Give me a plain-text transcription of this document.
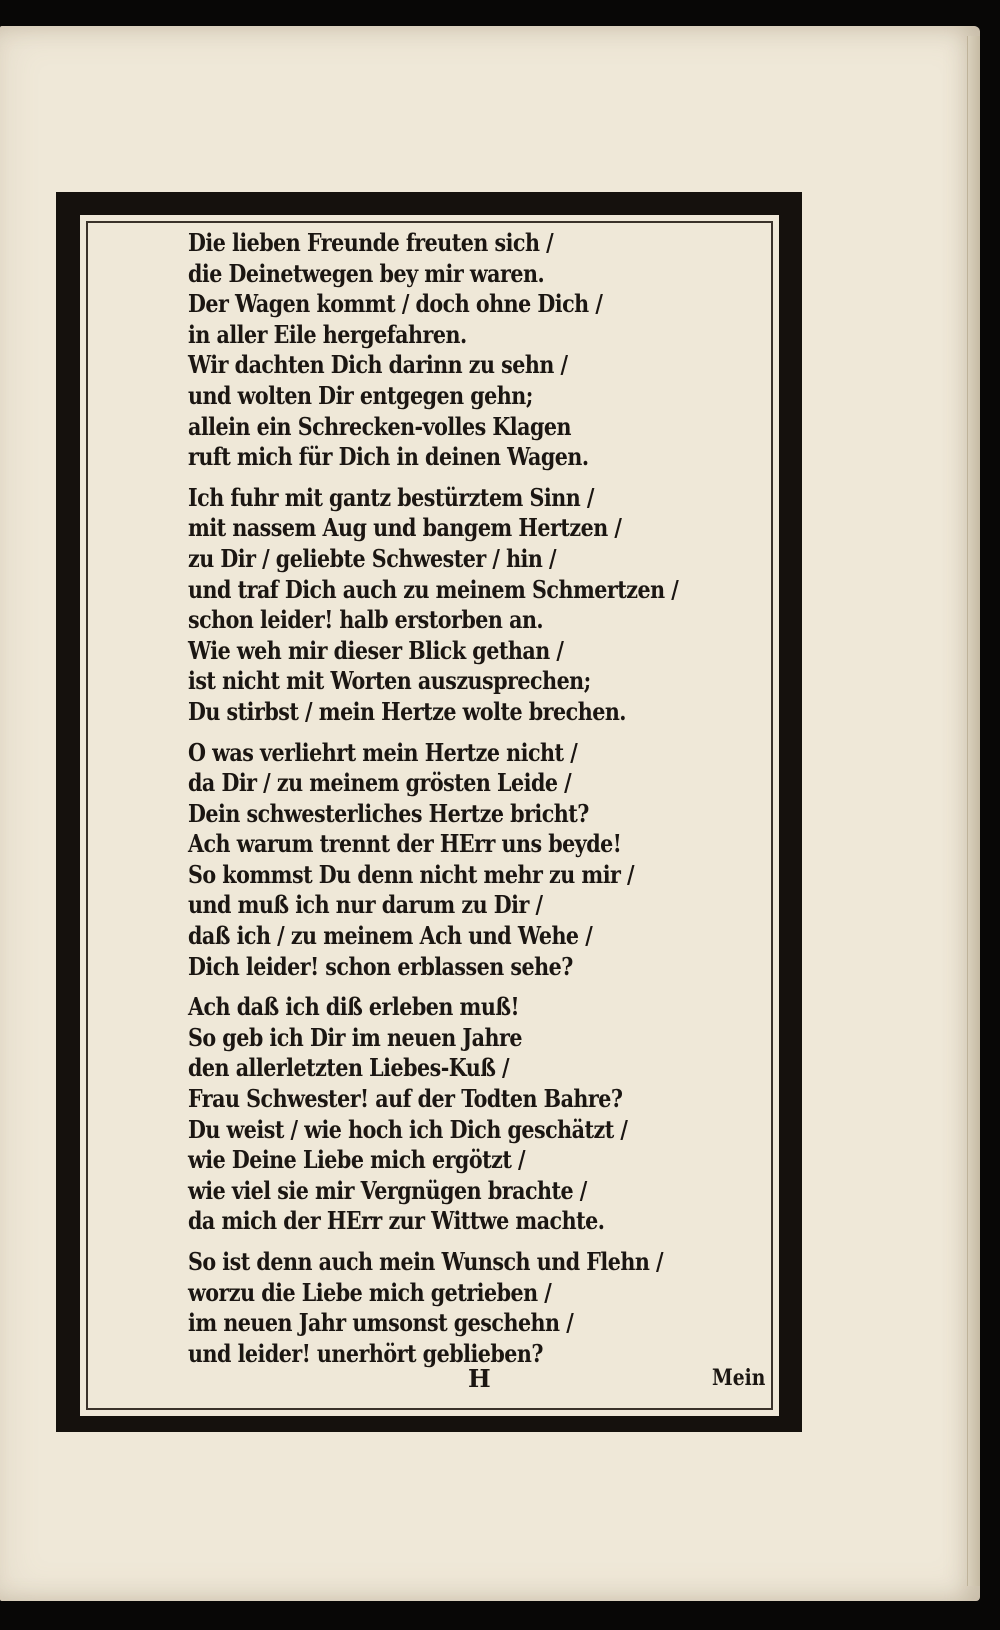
Die lieben Freunde freuten sich /
die Deinetwegen bey mir waren.
Der Wagen kommt / doch ohne Dich /
in aller Eile hergefahren.
Wir dachten Dich darinn zu sehn /
und wolten Dir entgegen gehn;
allein ein Schrecken-volles Klagen
ruft mich für Dich in deinen Wagen.
Ich fuhr mit gantz bestürztem Sinn /
mit nassem Aug und bangem Hertzen /
zu Dir / geliebte Schwester / hin /
und traf Dich auch zu meinem Schmertzen /
schon leider! halb erstorben an.
Wie weh mir dieser Blick gethan /
ist nicht mit Worten auszusprechen;
Du stirbst / mein Hertze wolte brechen.
O was verliehrt mein Hertze nicht /
da Dir / zu meinem grösten Leide /
Dein schwesterliches Hertze bricht?
Ach warum trennt der HErr uns beyde!
So kommst Du denn nicht mehr zu mir /
und muß ich nur darum zu Dir /
daß ich / zu meinem Ach und Wehe /
Dich leider! schon erblassen sehe?
Ach daß ich diß erleben muß!
So geb ich Dir im neuen Jahre
den allerletzten Liebes-Kuß /
Frau Schwester! auf der Todten Bahre?
Du weist / wie hoch ich Dich geschätzt /
wie Deine Liebe mich ergötzt /
wie viel sie mir Vergnügen brachte /
da mich der HErr zur Wittwe machte.
So ist denn auch mein Wunsch und Flehn /
worzu die Liebe mich getrieben /
im neuen Jahr umsonst geschehn /
und leider! unerhört geblieben?
H	Mein
